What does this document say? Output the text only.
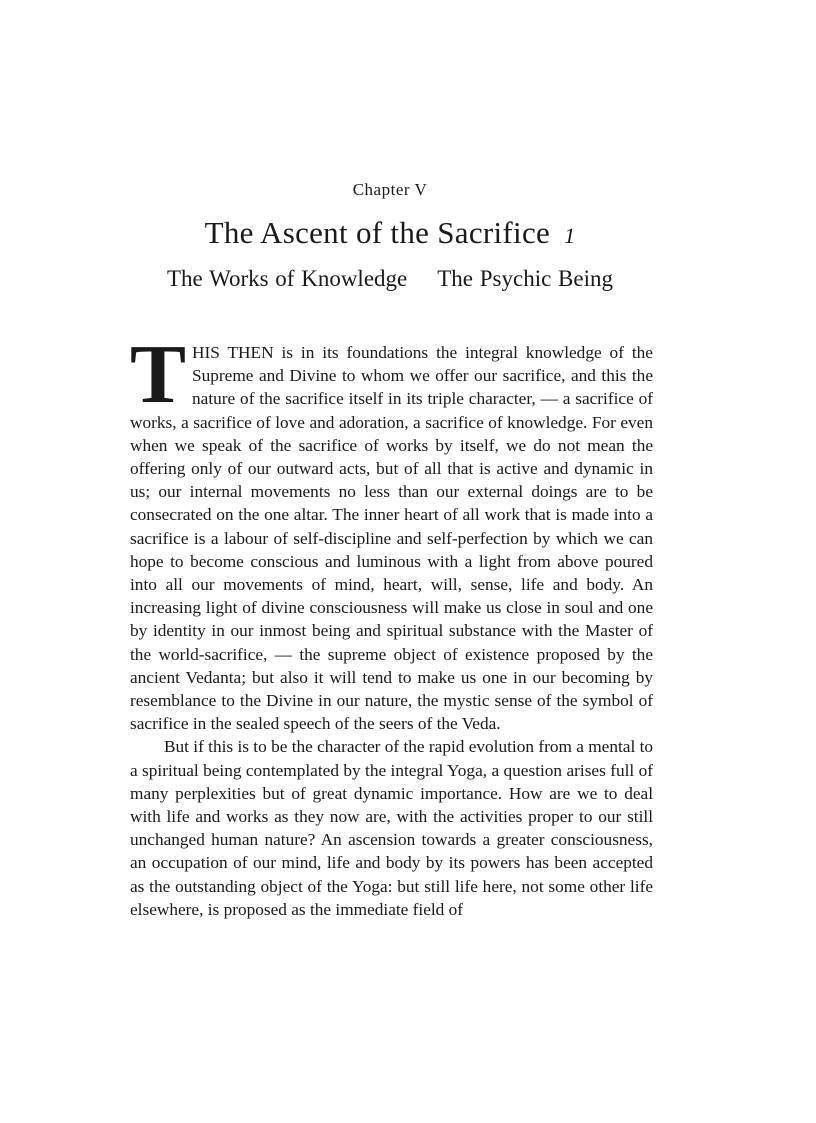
Chapter V
The Ascent of the Sacrifice 1
The Works of Knowledge The Psychic Being

THIS THEN is in its foundations the integral knowledge of the Supreme and Divine to whom we offer our sacrifice, and this the nature of the sacrifice itself in its triple character, — a sacrifice of works, a sacrifice of love and adoration, a sacrifice of knowledge. For even when we speak of the sacrifice of works by itself, we do not mean the offering only of our outward acts, but of all that is active and dynamic in us; our internal movements no less than our external doings are to be consecrated on the one altar. The inner heart of all work that is made into a sacrifice is a labour of self-discipline and self-perfection by which we can hope to become conscious and luminous with a light from above poured into all our movements of mind, heart, will, sense, life and body. An increasing light of divine consciousness will make us close in soul and one by identity in our inmost being and spiritual substance with the Master of the world-sacrifice, — the supreme object of existence proposed by the ancient Vedanta; but also it will tend to make us one in our becoming by resemblance to the Divine in our nature, the mystic sense of the symbol of sacrifice in the sealed speech of the seers of the Veda.

But if this is to be the character of the rapid evolution from a mental to a spiritual being contemplated by the integral Yoga, a question arises full of many perplexities but of great dynamic importance. How are we to deal with life and works as they now are, with the activities proper to our still unchanged human nature? An ascension towards a greater consciousness, an occupation of our mind, life and body by its powers has been accepted as the outstanding object of the Yoga: but still life here, not some other life elsewhere, is proposed as the immediate field of
